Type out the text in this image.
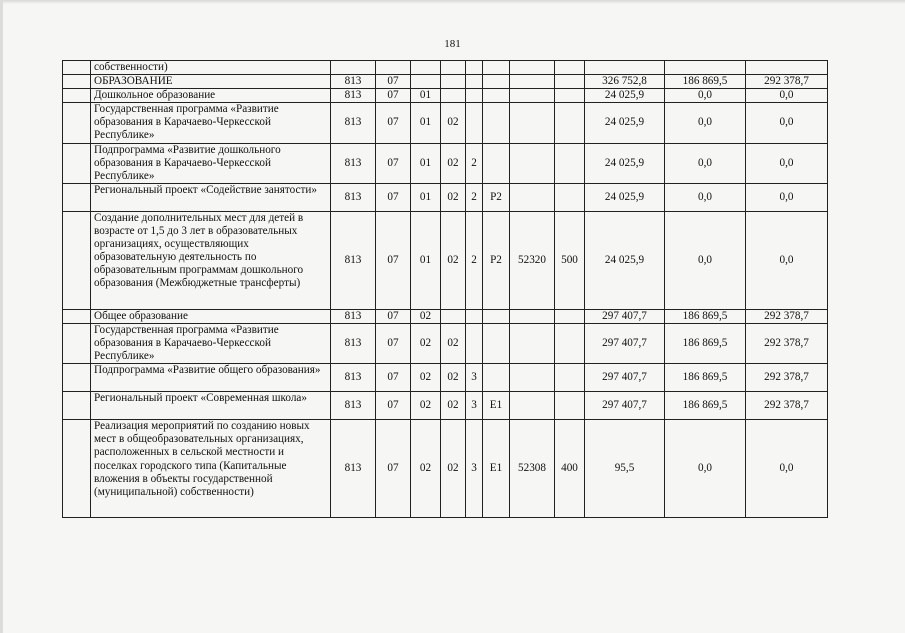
181
	собственности)											
	ОБРАЗОВАНИЕ	813	07							326 752,8	186 869,5	292 378,7
	Дошкольное образование	813	07	01						24 025,9	0,0	0,0
	Государственная программа «Развитие образования в Карачаево-Черкесской Республике»	813	07	01	02					24 025,9	0,0	0,0
	Подпрограмма «Развитие дошкольного образования в Карачаево-Черкесской Республике»	813	07	01	02	2				24 025,9	0,0	0,0
	Региональный проект «Содействие занятости»	813	07	01	02	2	P2			24 025,9	0,0	0,0
	Создание дополнительных мест для детей в возрасте от 1,5 до 3 лет в образовательных организациях, осуществляющих образовательную деятельность по образовательным программам дошкольного образования (Межбюджетные трансферты)	813	07	01	02	2	P2	52320	500	24 025,9	0,0	0,0
	Общее образование	813	07	02						297 407,7	186 869,5	292 378,7
	Государственная программа «Развитие образования в Карачаево-Черкесской Республике»	813	07	02	02					297 407,7	186 869,5	292 378,7
	Подпрограмма «Развитие общего образования»	813	07	02	02	3				297 407,7	186 869,5	292 378,7
	Региональный проект «Современная школа»	813	07	02	02	3	E1			297 407,7	186 869,5	292 378,7
	Реализация мероприятий по созданию новых мест в общеобразовательных организациях, расположенных в сельской местности и поселках городского типа (Капитальные вложения в объекты государственной (муниципальной) собственности)	813	07	02	02	3	E1	52308	400	95,5	0,0	0,0
